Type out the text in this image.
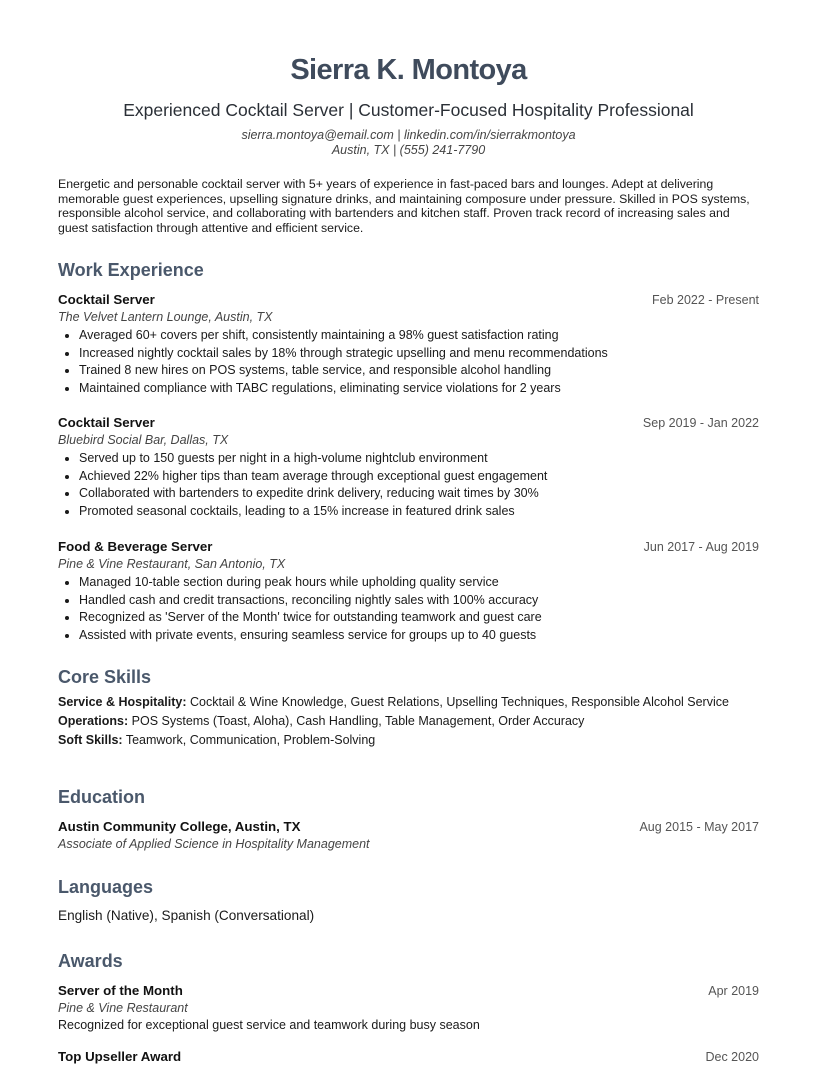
Sierra K. Montoya
Experienced Cocktail Server | Customer-Focused Hospitality Professional
sierra.montoya@email.com | linkedin.com/in/sierrakmontoya
Austin, TX | (555) 241-7790
Energetic and personable cocktail server with 5+ years of experience in fast-paced bars and lounges. Adept at delivering memorable guest experiences, upselling signature drinks, and maintaining composure under pressure. Skilled in POS systems, responsible alcohol service, and collaborating with bartenders and kitchen staff. Proven track record of increasing sales and guest satisfaction through attentive and efficient service.
Work Experience
Cocktail Server	Feb 2022 - Present
The Velvet Lantern Lounge, Austin, TX
Averaged 60+ covers per shift, consistently maintaining a 98% guest satisfaction rating
Increased nightly cocktail sales by 18% through strategic upselling and menu recommendations
Trained 8 new hires on POS systems, table service, and responsible alcohol handling
Maintained compliance with TABC regulations, eliminating service violations for 2 years
Cocktail Server	Sep 2019 - Jan 2022
Bluebird Social Bar, Dallas, TX
Served up to 150 guests per night in a high-volume nightclub environment
Achieved 22% higher tips than team average through exceptional guest engagement
Collaborated with bartenders to expedite drink delivery, reducing wait times by 30%
Promoted seasonal cocktails, leading to a 15% increase in featured drink sales
Food & Beverage Server	Jun 2017 - Aug 2019
Pine & Vine Restaurant, San Antonio, TX
Managed 10-table section during peak hours while upholding quality service
Handled cash and credit transactions, reconciling nightly sales with 100% accuracy
Recognized as 'Server of the Month' twice for outstanding teamwork and guest care
Assisted with private events, ensuring seamless service for groups up to 40 guests
Core Skills
Service & Hospitality: Cocktail & Wine Knowledge, Guest Relations, Upselling Techniques, Responsible Alcohol Service
Operations: POS Systems (Toast, Aloha), Cash Handling, Table Management, Order Accuracy
Soft Skills: Teamwork, Communication, Problem-Solving
Education
Austin Community College, Austin, TX	Aug 2015 - May 2017
Associate of Applied Science in Hospitality Management
Languages
English (Native), Spanish (Conversational)
Awards
Server of the Month	Apr 2019
Pine & Vine Restaurant
Recognized for exceptional guest service and teamwork during busy season
Top Upseller Award	Dec 2020
